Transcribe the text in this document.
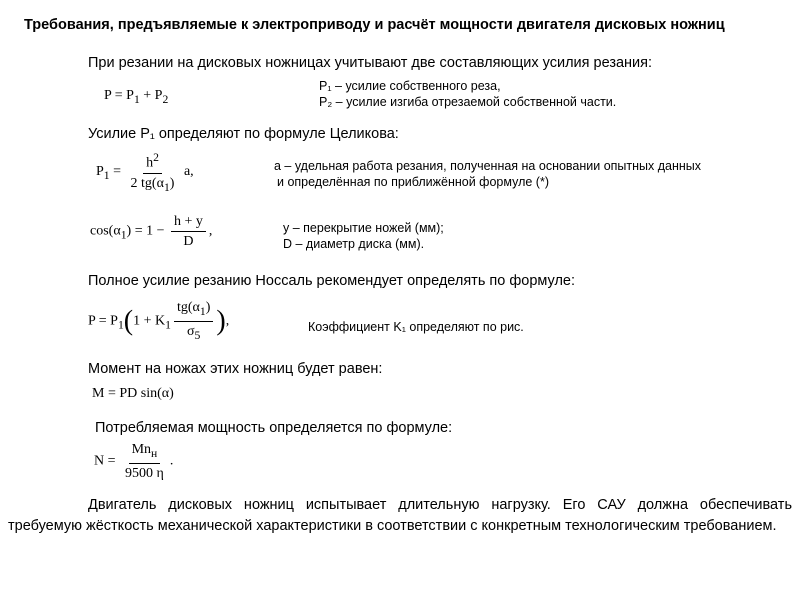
Требования, предъявляемые к электроприводу и расчёт мощности двигателя дисковых ножниц
При резании на дисковых ножницах учитывают две составляющих усилия резания:
$P = P_1 + P_2$
P₁ – усилие собственного реза,
P₂ – усилие изгиба отрезаемой собственной части.
Усилие P₁ определяют по формуле Целикова:
$P_1 = \frac{h^2}{2 tg(\alpha_1)} a$,	a – удельная работа резания, полученная на основании опытных данных
и определённая по приближённой формуле (*)
$\cos(\alpha_1) = 1 - \frac{h + y}{D}$ ,	y – перекрытие ножей (мм);
D – диаметр диска (мм).
Полное усилие резанию Носсаль рекомендует определять по формуле:
$P = P_1(1 + K_1 \frac{tg(\alpha_1)}{\sigma_5}$ ),	Коэффициент K₁ определяют по рис.
Момент на ножах этих ножниц будет равен:
M = PD sin(α)
Потребляемая мощность определяется по формуле:
$N = \frac{Mn_н}{9500 \eta}$ .
Двигатель дисковых ножниц испытывает длительную нагрузку. Его САУ должна обеспечивать требуемую жёсткость механической характеристики в соответствии с конкретным технологическим требованием.
